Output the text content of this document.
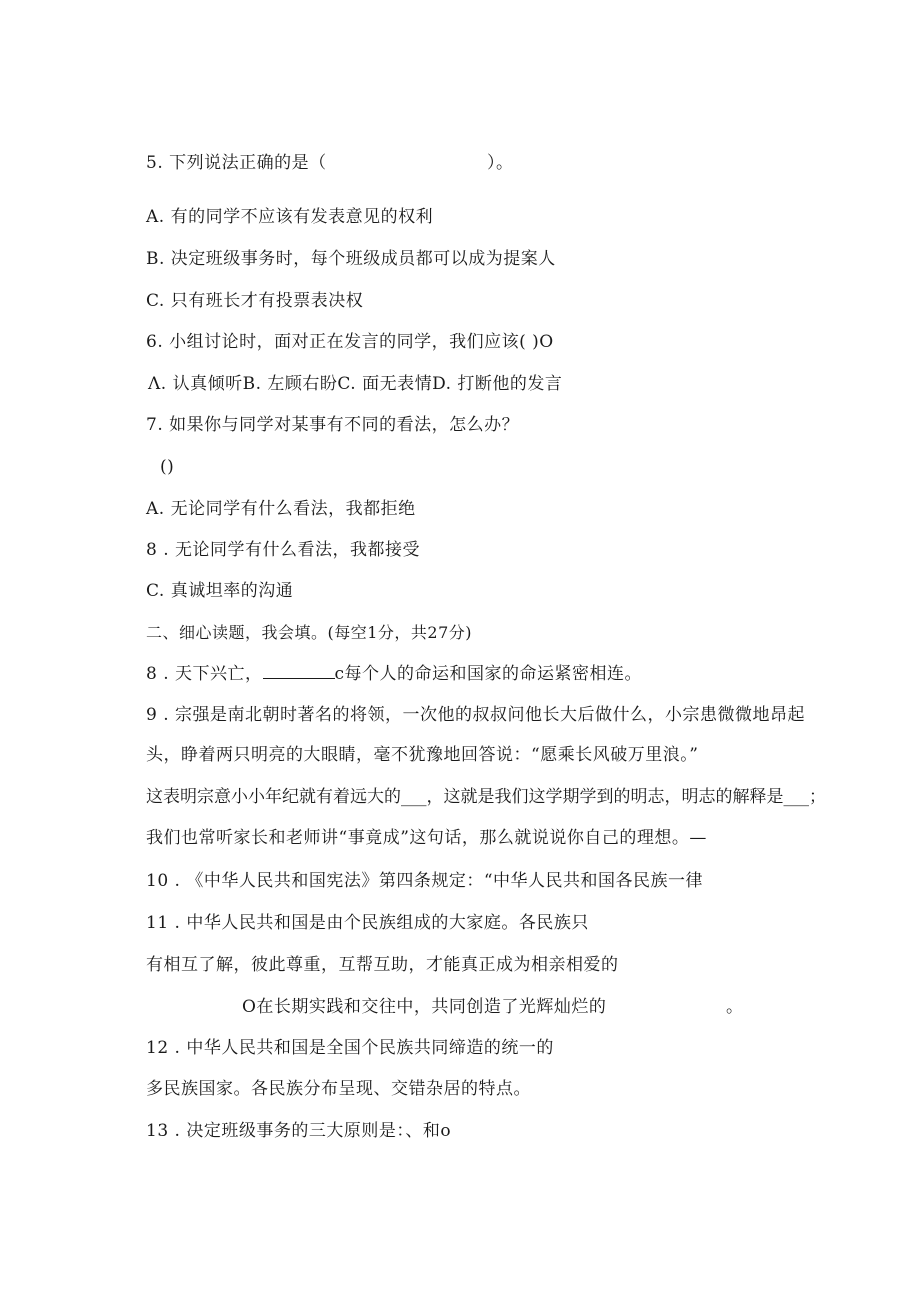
5. 下列说法正确的是（	）。
A. 有的同学不应该有发表意见的权利
B. 决定班级事务时，每个班级成员都可以成为提案人
C. 只有班长才有投票表决权
6. 小组讨论时，面对正在发言的同学，我们应该( )O
Λ. 认真倾听B. 左顾右盼C. 面无表情D. 打断他的发言
7. 如果你与同学对某事有不同的看法，怎么办？
()
A. 无论同学有什么看法，我都拒绝
8 . 无论同学有什么看法，我都接受
C. 真诚坦率的沟通
二、细心读题，我会填。(每空1分，共27分)
8 . 天下兴亡，	c每个人的命运和国家的命运紧密相连。
9 . 宗强是南北朝时著名的将领，一次他的叔叔问他长大后做什么，小宗患微微地昂起
头，睁着两只明亮的大眼睛，毫不犹豫地回答说：“愿乘长风破万里浪。”
这表明宗意小小年纪就有着远大的___，这就是我们这学期学到的明志，明志的解释是___；
我们也常听家长和老师讲“事竟成”这句话，那么就说说你自己的理想。—
10 . 《中华人民共和国宪法》第四条规定：“中华人民共和国各民族一律
11 . 中华人民共和国是由个民族组成的大家庭。各民族只
有相互了解，彼此尊重，互帮互助，才能真正成为相亲相爱的
O在长期实践和交往中，共同创造了光辉灿烂的	。
12 . 中华人民共和国是全国个民族共同缔造的统一的
多民族国家。各民族分布呈现、交错杂居的特点。
13 . 决定班级事务的三大原则是：、和o
